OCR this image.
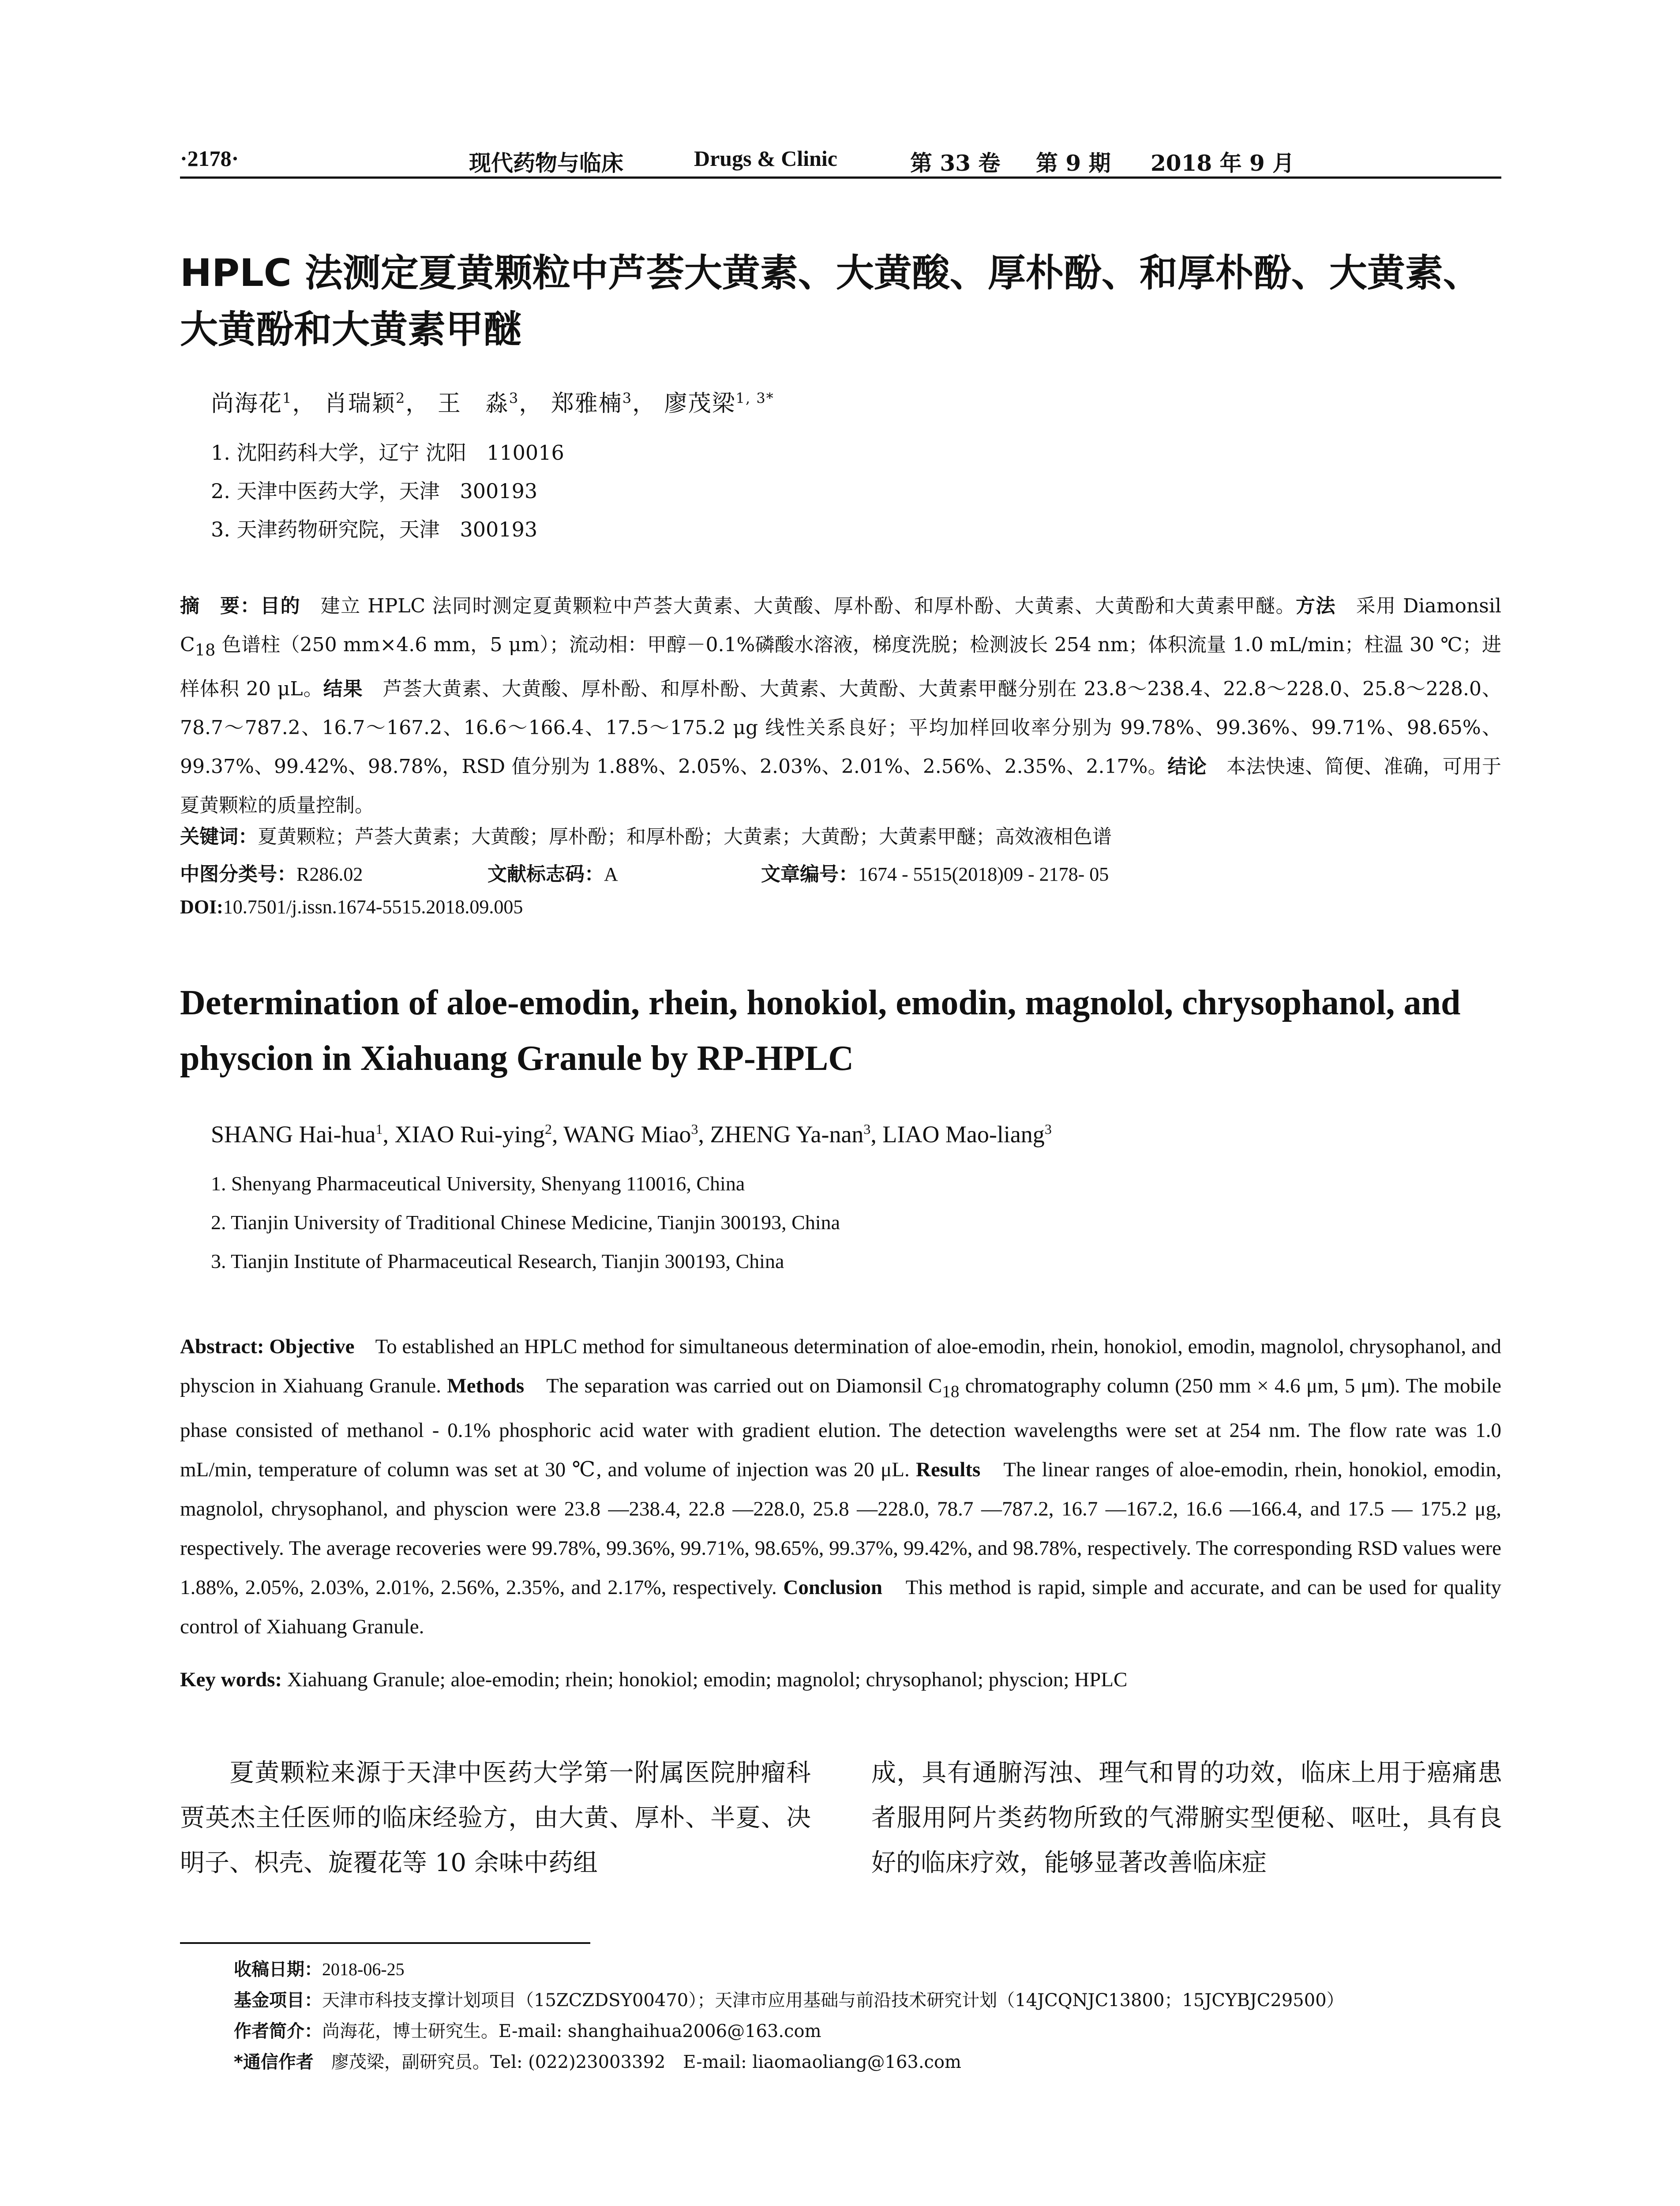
·2178·	现代药物与临床	Drugs & Clinic	第 33 卷 第 9 期 2018 年 9 月
HPLC 法测定夏黄颗粒中芦荟大黄素、大黄酸、厚朴酚、和厚朴酚、大黄素、大黄酚和大黄素甲醚
尚海花$^1$， 肖瑞颖$^2$， 王　淼$^3$， 郑雅楠$^3$， 廖茂梁$^{1, 3*}$
1. 沈阳药科大学，辽宁 沈阳　110016
2. 天津中医药大学，天津　300193
3. 天津药物研究院，天津　300193
摘　要：目的　建立 HPLC 法同时测定夏黄颗粒中芦荟大黄素、大黄酸、厚朴酚、和厚朴酚、大黄素、大黄酚和大黄素甲醚。方法　采用 Diamonsil $C_{18}$ 色谱柱（250 mm×4.6 mm，5 μm）；流动相：甲醇－0.1%磷酸水溶液，梯度洗脱；检测波长 254 nm；体积流量 1.0 mL/min；柱温 30 ℃；进样体积 20 μL。结果　芦荟大黄素、大黄酸、厚朴酚、和厚朴酚、大黄素、大黄酚、大黄素甲醚分别在 23.8～238.4、22.8～228.0、25.8～228.0、78.7～787.2、16.7～167.2、16.6～166.4、17.5～175.2 μg 线性关系良好；平均加样回收率分别为 99.78%、99.36%、99.71%、98.65%、99.37%、99.42%、98.78%，RSD 值分别为 1.88%、2.05%、2.03%、2.01%、2.56%、2.35%、2.17%。结论　本法快速、简便、准确，可用于夏黄颗粒的质量控制。
关键词：夏黄颗粒；芦荟大黄素；大黄酸；厚朴酚；和厚朴酚；大黄素；大黄酚；大黄素甲醚；高效液相色谱
中图分类号：R286.02	文献标志码：A	文章编号：1674 - 5515(2018)09 - 2178- 05
DOI:10.7501/j.issn.1674-5515.2018.09.005
Determination of aloe-emodin, rhein, honokiol, emodin, magnolol, chrysophanol, and physcion in Xiahuang Granule by RP-HPLC
SHANG Hai-hua$^1$, XIAO Rui-ying$^2$, WANG Miao$^3$, ZHENG Ya-nan$^3$, LIAO Mao-liang$^3$
1. Shenyang Pharmaceutical University, Shenyang 110016, China
2. Tianjin University of Traditional Chinese Medicine, Tianjin 300193, China
3. Tianjin Institute of Pharmaceutical Research, Tianjin 300193, China
Abstract: Objective　To established an HPLC method for simultaneous determination of aloe-emodin, rhein, honokiol, emodin, magnolol, chrysophanol, and physcion in Xiahuang Granule. Methods　The separation was carried out on Diamonsil $C_{18}$ chromatography column (250 mm × 4.6 μm, 5 μm). The mobile phase consisted of methanol - 0.1% phosphoric acid water with gradient elution. The detection wavelengths were set at 254 nm. The flow rate was 1.0 mL/min, temperature of column was set at 30 ℃, and volume of injection was 20 μL. Results　The linear ranges of aloe-emodin, rhein, honokiol, emodin, magnolol, chrysophanol, and physcion were 23.8 —238.4, 22.8 —228.0, 25.8 —228.0, 78.7 —787.2, 16.7 —167.2, 16.6 —166.4, and 17.5 — 175.2 μg, respectively. The average recoveries were 99.78%, 99.36%, 99.71%, 98.65%, 99.37%, 99.42%, and 98.78%, respectively. The corresponding RSD values were 1.88%, 2.05%, 2.03%, 2.01%, 2.56%, 2.35%, and 2.17%, respectively. Conclusion　This method is rapid, simple and accurate, and can be used for quality control of Xiahuang Granule.
Key words: Xiahuang Granule; aloe-emodin; rhein; honokiol; emodin; magnolol; chrysophanol; physcion; HPLC
夏黄颗粒来源于天津中医药大学第一附属医院肿瘤科贾英杰主任医师的临床经验方，由大黄、厚朴、半夏、决明子、枳壳、旋覆花等 10 余味中药组
成，具有通腑泻浊、理气和胃的功效，临床上用于癌痛患者服用阿片类药物所致的气滞腑实型便秘、呕吐，具有良好的临床疗效，能够显著改善临床症
收稿日期：2018-06-25
基金项目：天津市科技支撑计划项目（15ZCZDSY00470）；天津市应用基础与前沿技术研究计划（14JCQNJC13800；15JCYBJC29500）
作者简介：尚海花，博士研究生。E-mail: shanghaihua2006@163.com
*通信作者　廖茂梁，副研究员。Tel: (022)23003392　E-mail: liaomaoliang@163.com
